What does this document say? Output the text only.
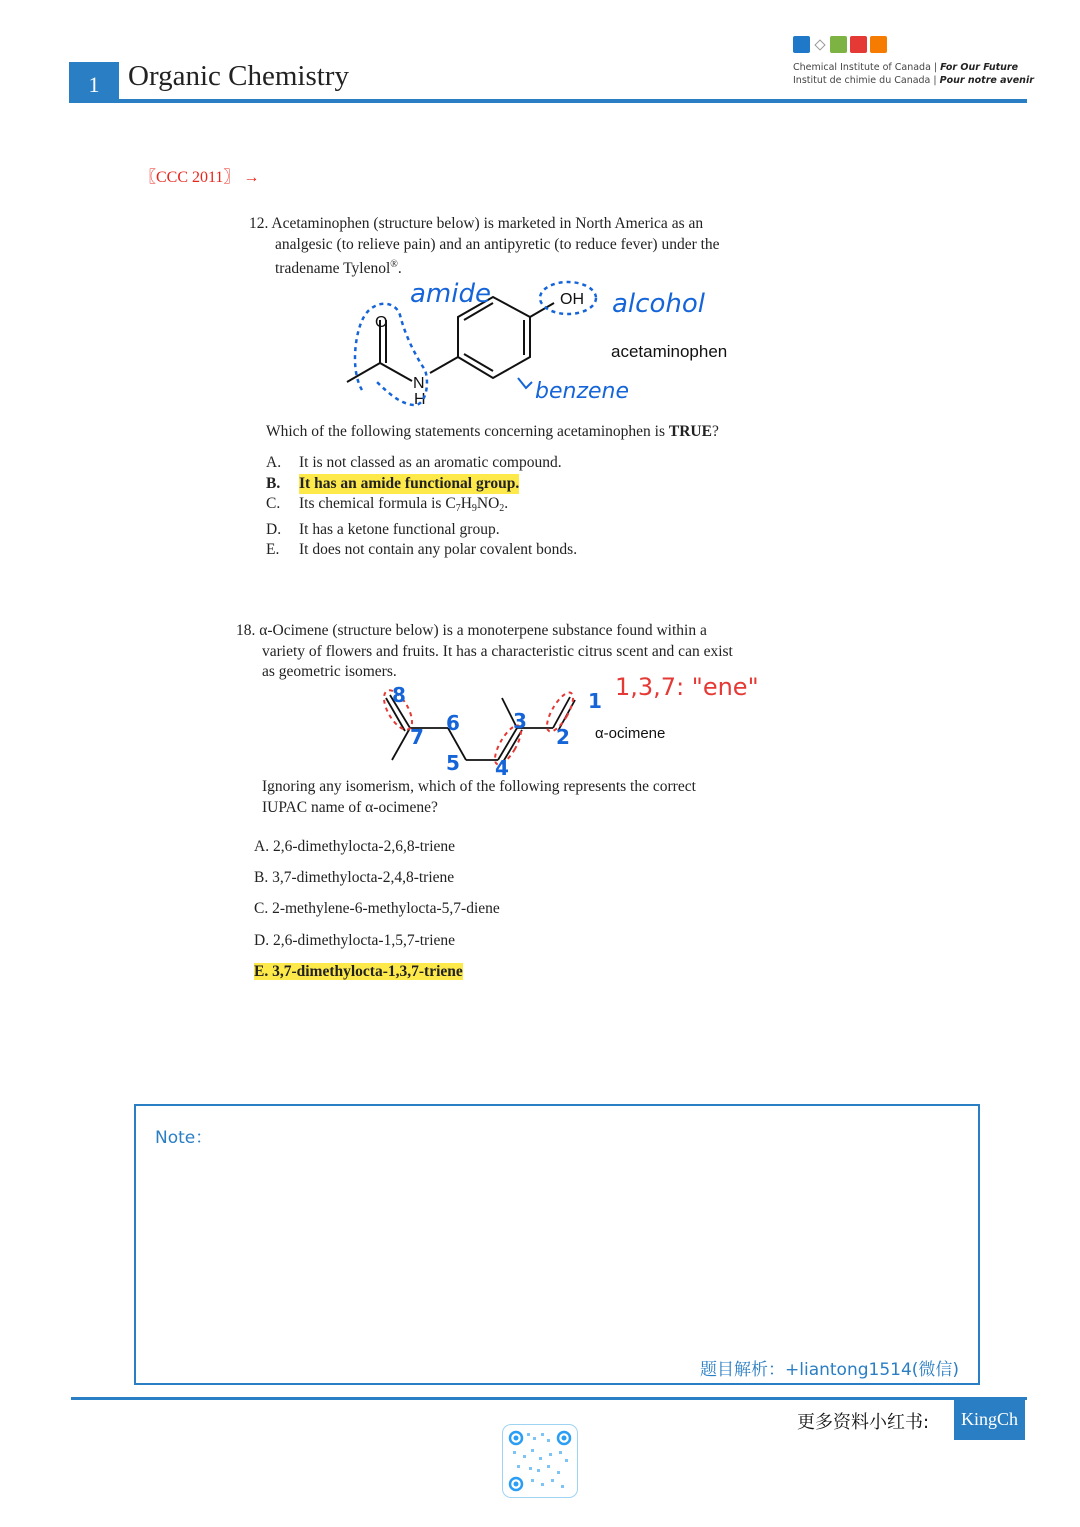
1 Organic Chemistry	Chemical Institute of Canada | For Our Future
Institut de chimie du Canada | Pour notre avenir
〖CCC 2011〗 →
12. Acetaminophen (structure below) is marketed in North America as an
analgesic (to relieve pain) and an antipyretic (to reduce fever) under the
tradename Tylenol®.
O
N
H
OH
acetaminophen
amide	alcohol
benzene
Which of the following statements concerning acetaminophen is TRUE?
A.	It is not classed as an aromatic compound.
B.	It has an amide functional group.
C.	Its chemical formula is $C_7H_9NO_2$.
D.	It has a ketone functional group.
E.	It does not contain any polar covalent bonds.
18. α-Ocimene (structure below) is a monoterpene substance found within a
variety of flowers and fruits. It has a characteristic citrus scent and can exist
as geometric isomers.
α-ocimene
1
2
3
4
5
6
7
8	1,3,7: "ene"
Ignoring any isomerism, which of the following represents the correct
IUPAC name of α-ocimene?
A. 2,6-dimethylocta-2,6,8-triene
B. 3,7-dimethylocta-2,4,8-triene
C. 2-methylene-6-methylocta-5,7-diene
D. 2,6-dimethylocta-1,5,7-triene
E. 3,7-dimethylocta-1,3,7-triene
Note：
题目解析：+liantong1514(微信)
更多资料小红书:	KingCh
